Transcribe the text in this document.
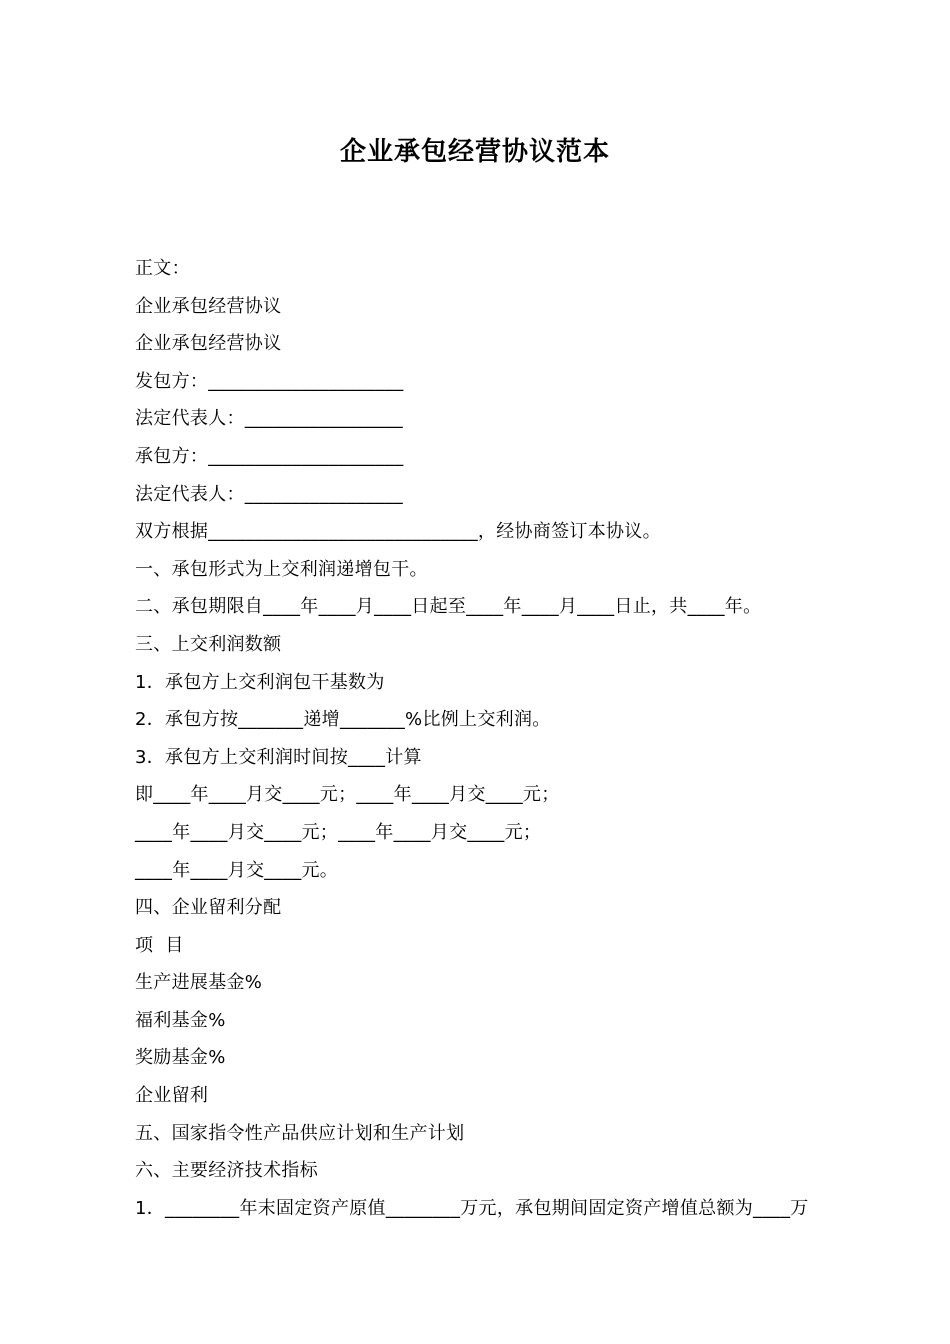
企业承包经营协议范本
正文：
企业承包经营协议
企业承包经营协议
发包方：_____________________
法定代表人：_________________
承包方：_____________________
法定代表人：_________________
双方根据_____________________________，经协商签订本协议。
一、承包形式为上交利润递增包干。
二、承包期限自____年____月____日起至____年____月____日止，共____年。
三、上交利润数额
1．承包方上交利润包干基数为
2．承包方按_______递增_______%比例上交利润。
3．承包方上交利润时间按____计算
即____年____月交____元；____年____月交____元；
____年____月交____元；____年____月交____元；
____年____月交____元。
四、企业留利分配
项  目
生产进展基金%
福利基金%
奖励基金%
企业留利
五、国家指令性产品供应计划和生产计划
六、主要经济技术指标
1．________年末固定资产原值________万元，承包期间固定资产增值总额为____万
